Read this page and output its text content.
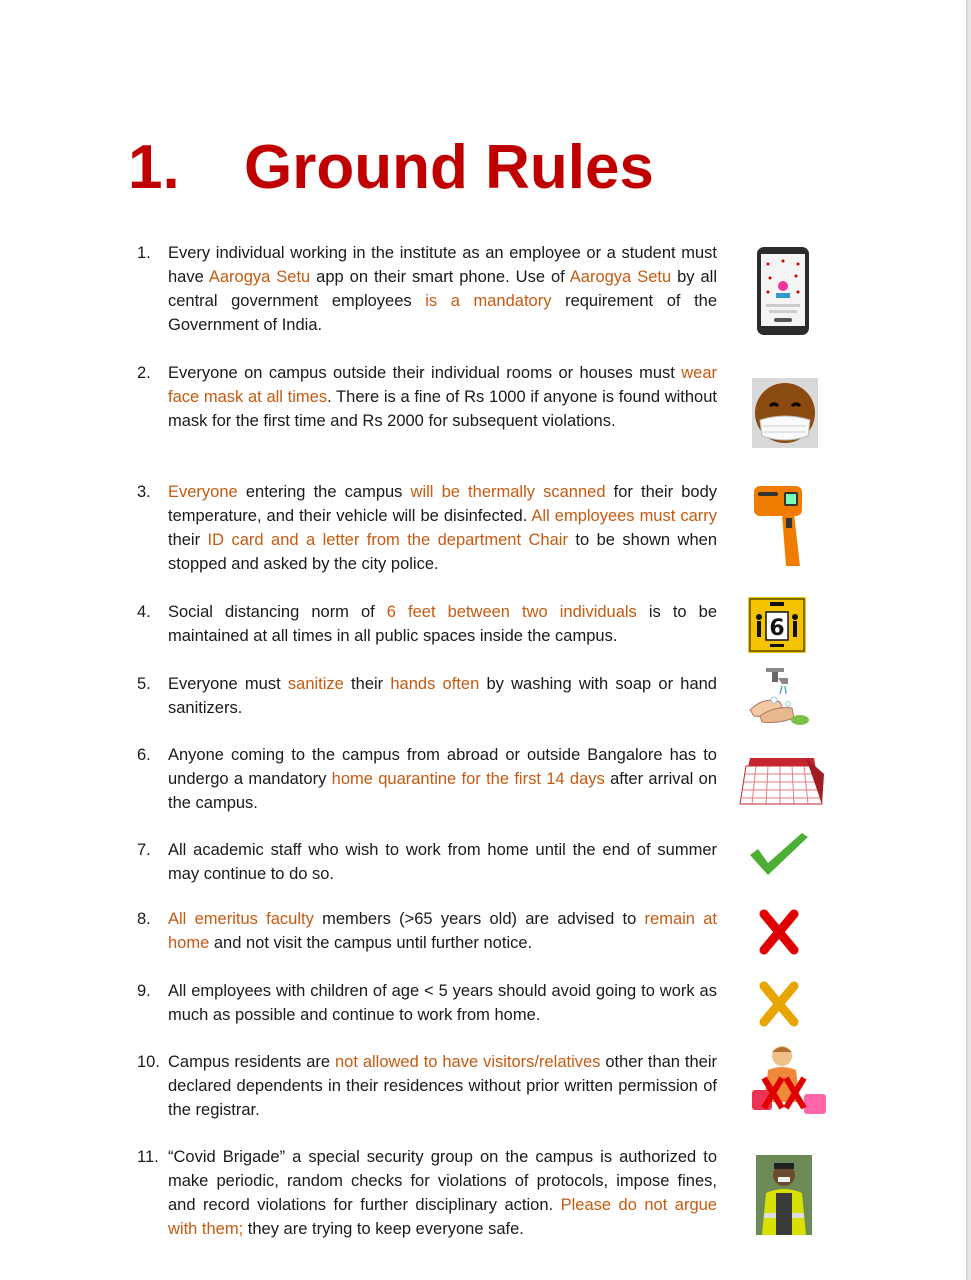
1. Ground Rules
1.	Every individual working in the institute as an employee or a student must have Aarogya Setu app on their smart phone. Use of Aarogya Setu by all central government employees is a mandatory requirement of the Government of India.
2.	Everyone on campus outside their individual rooms or houses must wear face mask at all times. There is a fine of Rs 1000 if anyone is found without mask for the first time and Rs 2000 for subsequent violations.
3.	Everyone entering the campus will be thermally scanned for their body temperature, and their vehicle will be disinfected. All employees must carry their ID card and a letter from the department Chair to be shown when stopped and asked by the city police.
4.	Social distancing norm of 6 feet between two individuals is to be maintained at all times in all public spaces inside the campus.
5.	Everyone must sanitize their hands often by washing with soap or hand sanitizers.
6.	Anyone coming to the campus from abroad or outside Bangalore has to undergo a mandatory home quarantine for the first 14 days after arrival on the campus.
7.	All academic staff who wish to work from home until the end of summer may continue to do so.
8.	All emeritus faculty members (>65 years old) are advised to remain at home and not visit the campus until further notice.
9.	All employees with children of age < 5 years should avoid going to work as much as possible and continue to work from home.
10. Campus residents are not allowed to have visitors/relatives other than their declared dependents in their residences without prior written permission of the registrar.
11. “Covid Brigade” a special security group on the campus is authorized to make periodic, random checks for violations of protocols, impose fines, and record violations for further disciplinary action. Please do not argue with them; they are trying to keep everyone safe.
6
